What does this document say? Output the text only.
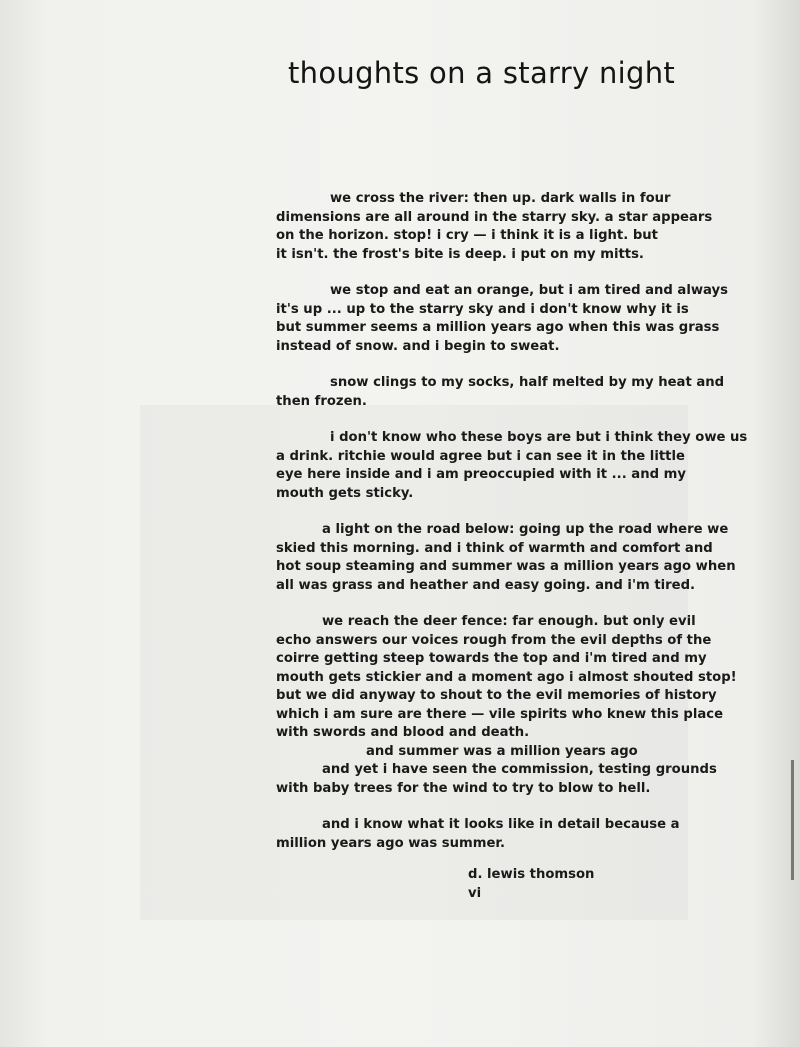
thoughts on a starry night

we cross the river: then up. dark walls in four
dimensions are all around in the starry sky. a star appears
on the horizon. stop! i cry — i think it is a light. but
it isn't. the frost's bite is deep. i put on my mitts.

we stop and eat an orange, but i am tired and always
it's up ... up to the starry sky and i don't know why it is
but summer seems a million years ago when this was grass
instead of snow. and i begin to sweat.

snow clings to my socks, half melted by my heat and
then frozen.

i don't know who these boys are but i think they owe us
a drink. ritchie would agree but i can see it in the little
eye here inside and i am preoccupied with it ... and my
mouth gets sticky.

a light on the road below: going up the road where we
skied this morning. and i think of warmth and comfort and
hot soup steaming and summer was a million years ago when
all was grass and heather and easy going. and i'm tired.

we reach the deer fence: far enough. but only evil
echo answers our voices rough from the evil depths of the
coirre getting steep towards the top and i'm tired and my
mouth gets stickier and a moment ago i almost shouted stop!
but we did anyway to shout to the evil memories of history
which i am sure are there — vile spirits who knew this place
with swords and blood and death.
and summer was a million years ago

and yet i have seen the commission, testing grounds
with baby trees for the wind to try to blow to hell.

and i know what it looks like in detail because a
million years ago was summer.

d. lewis thomson
vi
